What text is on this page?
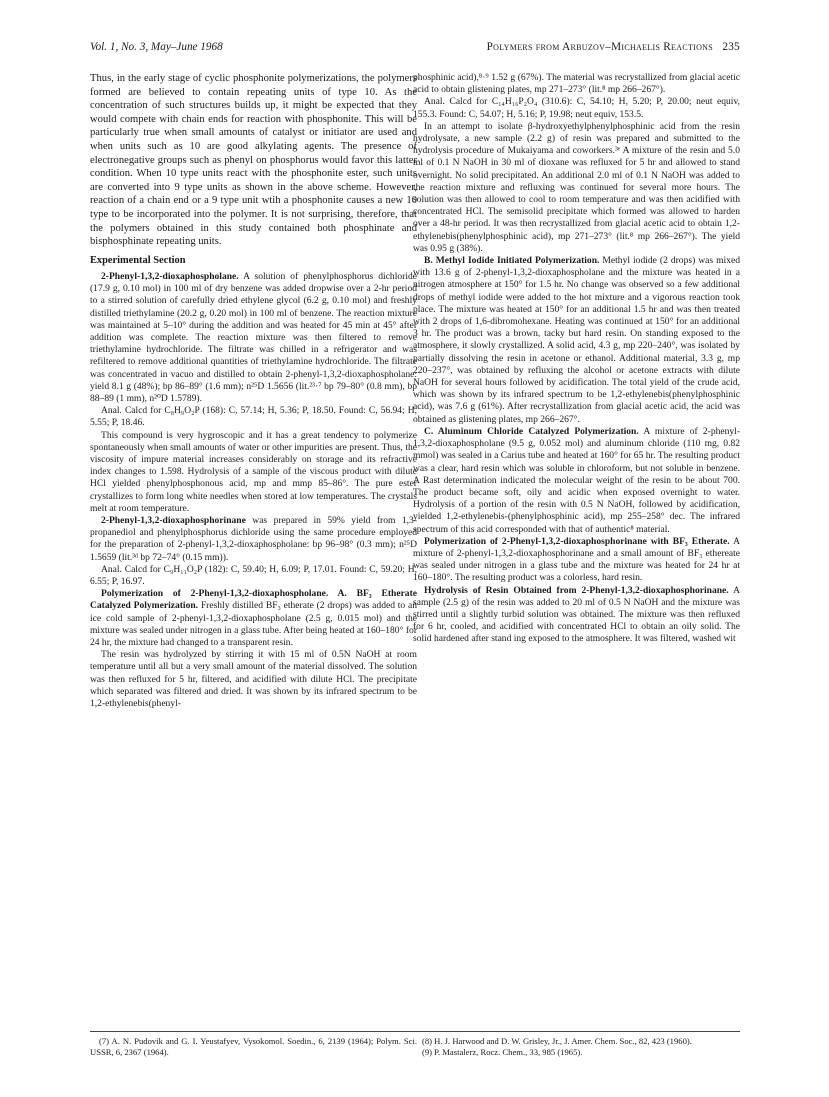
Vol. 1, No. 3, May–June 1968	Polymers from Arbuzov–Michaelis Reactions 235

Thus, in the early stage of cyclic phosphonite polymerizations, the polymers formed are believed to contain repeating units of type 10. As the concentration of such structures builds up, it might be expected that they would compete with chain ends for reaction with phosphonite. This will be particularly true when small amounts of catalyst or initiator are used and when units such as 10 are good alkylating agents. The presence of electronegative groups such as phenyl on phosphorus would favor this latter condition. When 10 type units react with the phosphonite ester, such units are converted into 9 type units as shown in the above scheme. However, reaction of a chain end or a 9 type unit wtih a phosphonite causes a new 10 type to be incorporated into the polymer. It is not surprising, therefore, that the polymers obtained in this study contained both phosphinate and bisphosphinate repeating units.

Experimental Section

2-Phenyl-1,3,2-dioxaphospholane. A solution of phenylphosphorus dichloride (17.9 g, 0.10 mol) in 100 ml of dry benzene was added dropwise over a 2-hr period to a stirred solution of carefully dried ethylene glycol (6.2 g, 0.10 mol) and freshly distilled triethylamine (20.2 g, 0.20 mol) in 100 ml of benzene. The reaction mixture was maintained at 5–10° during the addition and was heated for 45 min at 45° after addition was complete. The reaction mixture was then filtered to remove triethylamine hydrochloride. The filtrate was chilled in a refrigerator and was refiltered to remove additional quantities of triethylamine hydrochloride. The filtrate was concentrated in vacuo and distilled to obtain 2-phenyl-1,3,2-dioxaphospholane: yield 8.1 g (48%); bp 86–89° (1.6 mm); n²⁵D 1.5656 (lit.²³·⁷ bp 79–80° (0.8 mm), bp 88–89 (1 mm), n²⁰D 1.5789).

Anal. Calcd for C₈H₉O₂P (168): C, 57.14; H, 5.36; P, 18.50. Found: C, 56.94; H, 5.55; P, 18.46.

This compound is very hygroscopic and it has a great tendency to polymerize spontaneously when small amounts of water or other impurities are present. Thus, the viscosity of impure material increases considerably on storage and its refractive index changes to 1.598. Hydrolysis of a sample of the viscous product with dilute HCl yielded phenylphosphonous acid, mp and mmp 85–86°. The pure ester crystallizes to form long white needles when stored at low temperatures. The crystals melt at room temperature.

2-Phenyl-1,3,2-dioxaphosphorinane was prepared in 59% yield from 1,3-propanediol and phenylphosphorus dichloride using the same procedure employed for the preparation of 2-phenyl-1,3,2-dioxaphospholane: bp 96–98° (0.3 mm); n²⁵D 1.5659 (lit.³ᵈ bp 72–74° (0.15 mm)).

Anal. Calcd for C₉H₁₁O₂P (182): C, 59.40; H, 6.09; P, 17.01. Found: C, 59.20; H, 6.55; P, 16.97.

Polymerization of 2-Phenyl-1,3,2-dioxaphospholane. A. BF₃ Etherate Catalyzed Polymerization. Freshly distilled BF₃ etherate (2 drops) was added to an ice cold sample of 2-phenyl-1,3,2-dioxaphospholane (2.5 g, 0.015 mol) and the mixture was sealed under nitrogen in a glass tube. After being heated at 160–180° for 24 hr, the mixture had changed to a transparent resin.

The resin was hydrolyzed by stirring it with 15 ml of 0.5N NaOH at room temperature until all but a very small amount of the material dissolved. The solution was then refluxed for 5 hr, filtered, and acidified with dilute HCl. The precipitate which separated was filtered and dried. It was shown by its infrared spectrum to be 1,2-ethylenebis(phenyl-

phosphinic acid),⁸·⁹ 1.52 g (67%). The material was recrystallized from glacial acetic acid to obtain glistening plates, mp 271–273° (lit.⁸ mp 266–267°).

Anal. Calcd for C₁₄H₁₆P₂O₄ (310.6): C, 54.10; H, 5.20; P, 20.00; neut equiv, 155.3. Found: C, 54.07; H, 5.16; P, 19.98; neut equiv, 153.5.

In an attempt to isolate β-hydroxyethylphenylphosphinic acid from the resin hydrolysate, a new sample (2.2 g) of resin was prepared and submitted to the hydrolysis procedure of Mukaiyama and coworkers.³ᵉ A mixture of the resin and 5.0 ml of 0.1 N NaOH in 30 ml of dioxane was refluxed for 5 hr and allowed to stand overnight. No solid precipitated. An additional 2.0 ml of 0.1 N NaOH was added to the reaction mixture and refluxing was continued for several more hours. The solution was then allowed to cool to room temperature and was then acidified with concentrated HCl. The semisolid precipitate which formed was allowed to harden over a 48-hr period. It was then recrystallized from glacial acetic acid to obtain 1,2-ethylenebis(phenylphosphinic acid), mp 271–273° (lit.⁸ mp 266–267°). The yield was 0.95 g (38%).

B. Methyl Iodide Initiated Polymerization. Methyl iodide (2 drops) was mixed with 13.6 g of 2-phenyl-1,3,2-dioxaphospholane and the mixture was heated in a nitrogen atmosphere at 150° for 1.5 hr. No change was observed so a few additional drops of methyl iodide were added to the hot mixture and a vigorous reaction took place. The mixture was heated at 150° for an additional 1.5 hr and was then treated with 2 drops of 1,6-dibromohexane. Heating was continued at 150° for an additional 3 hr. The product was a brown, tacky but hard resin. On standing exposed to the atmosphere, it slowly crystallized. A solid acid, 4.3 g, mp 220–240°, was isolated by partially dissolving the resin in acetone or ethanol. Additional material, 3.3 g, mp 220–237°, was obtained by refluxing the alcohol or acetone extracts with dilute NaOH for several hours followed by acidification. The total yield of the crude acid, which was shown by its infrared spectrum to be 1,2-ethylenebis(phenylphosphinic acid), was 7.6 g (61%). After recrystallization from glacial acetic acid, the acid was obtained as glistening plates, mp 266–267°.

C. Aluminum Chloride Catalyzed Polymerization. A mixture of 2-phenyl-1,3,2-dioxaphospholane (9.5 g, 0.052 mol) and aluminum chloride (110 mg, 0.82 mmol) was sealed in a Carius tube and heated at 160° for 65 hr. The resulting product was a clear, hard resin which was soluble in chloroform, but not soluble in benzene. A Rast determination indicated the molecular weight of the resin to be about 700. The product became soft, oily and acidic when exposed overnight to water. Hydrolysis of a portion of the resin with 0.5 N NaOH, followed by acidification, yielded 1,2-ethylenebis-(phenylphosphinic acid), mp 255–258° dec. The infrared spectrum of this acid corresponded with that of authentic⁸ material.

Polymerization of 2-Phenyl-1,3,2-dioxaphosphorinane with BF₃ Etherate. A mixture of 2-phenyl-1,3,2-dioxaphosphorinane and a small amount of BF₃ ethereate was sealed under nitrogen in a glass tube and the mixture was heated for 24 hr at 160–180°. The resulting product was a colorless, hard resin.

Hydrolysis of Resin Obtained from 2-Phenyl-1,3,2-dioxaphosphorinane. A sample (2.5 g) of the resin was added to 20 ml of 0.5 N NaOH and the mixture was stirred until a slightly turbid solution was obtained. The mixture was then refluxed for 6 hr, cooled, and acidified with concentrated HCl to obtain an oily solid. The solid hardened after stand ing exposed to the atmosphere. It was filtered, washed wit

(7) A. N. Pudovik and G. I. Yeustafyev, Vysokomol. Soedin., 6, 2139 (1964); Polym. Sci. USSR, 6, 2367 (1964).

(8) H. J. Harwood and D. W. Grisley, Jr., J. Amer. Chem. Soc., 82, 423 (1960).

(9) P. Mastalerz, Rocz. Chem., 33, 985 (1965).
